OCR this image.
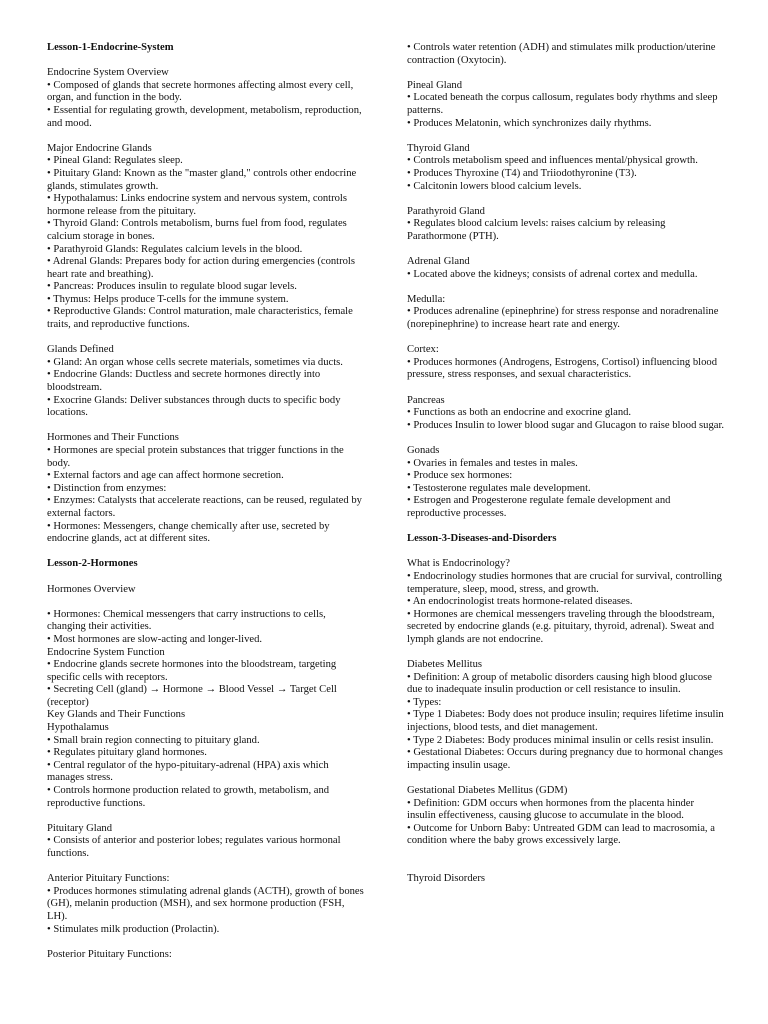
Lesson-1-Endocrine-System

Endocrine System Overview

• Composed of glands that secrete hormones affecting almost every cell, organ, and function in the body.

• Essential for regulating growth, development, metabolism, reproduction, and mood.

Major Endocrine Glands

• Pineal Gland: Regulates sleep.

• Pituitary Gland: Known as the "master gland," controls other endocrine glands, stimulates growth.

• Hypothalamus: Links endocrine system and nervous system, controls hormone release from the pituitary.

• Thyroid Gland: Controls metabolism, burns fuel from food, regulates calcium storage in bones.

• Parathyroid Glands: Regulates calcium levels in the blood.

• Adrenal Glands: Prepares body for action during emergencies (controls heart rate and breathing).

• Pancreas: Produces insulin to regulate blood sugar levels.

• Thymus: Helps produce T-cells for the immune system.

• Reproductive Glands: Control maturation, male characteristics, female traits, and reproductive functions.

Glands Defined

• Gland: An organ whose cells secrete materials, sometimes via ducts.

• Endocrine Glands: Ductless and secrete hormones directly into bloodstream.

• Exocrine Glands: Deliver substances through ducts to specific body locations.

Hormones and Their Functions

• Hormones are special protein substances that trigger functions in the body.

• External factors and age can affect hormone secretion.

• Distinction from enzymes:

• Enzymes: Catalysts that accelerate reactions, can be reused, regulated by external factors.

• Hormones: Messengers, change chemically after use, secreted by endocrine glands, act at different sites.

Lesson-2-Hormones

Hormones Overview

• Hormones: Chemical messengers that carry instructions to cells, changing their activities.

• Most hormones are slow-acting and longer-lived.

Endocrine System Function

• Endocrine glands secrete hormones into the bloodstream, targeting specific cells with receptors.

• Secreting Cell (gland) → Hormone → Blood Vessel → Target Cell (receptor)

Key Glands and Their Functions

Hypothalamus

• Small brain region connecting to pituitary gland.

• Regulates pituitary gland hormones.

• Central regulator of the hypo-pituitary-adrenal (HPA) axis which manages stress.

• Controls hormone production related to growth, metabolism, and reproductive functions.

Pituitary Gland

• Consists of anterior and posterior lobes; regulates various hormonal functions.

Anterior Pituitary Functions:

• Produces hormones stimulating adrenal glands (ACTH), growth of bones (GH), melanin production (MSH), and sex hormone production (FSH, LH).

• Stimulates milk production (Prolactin).

Posterior Pituitary Functions:

• Controls water retention (ADH) and stimulates milk production/uterine contraction (Oxytocin).

Pineal Gland

• Located beneath the corpus callosum, regulates body rhythms and sleep patterns.

• Produces Melatonin, which synchronizes daily rhythms.

Thyroid Gland

• Controls metabolism speed and influences mental/physical growth.

• Produces Thyroxine (T4) and Triiodothyronine (T3).

• Calcitonin lowers blood calcium levels.

Parathyroid Gland

• Regulates blood calcium levels: raises calcium by releasing Parathormone (PTH).

Adrenal Gland

• Located above the kidneys; consists of adrenal cortex and medulla.

Medulla:

• Produces adrenaline (epinephrine) for stress response and noradrenaline (norepinephrine) to increase heart rate and energy.

Cortex:

• Produces hormones (Androgens, Estrogens, Cortisol) influencing blood pressure, stress responses, and sexual characteristics.

Pancreas

• Functions as both an endocrine and exocrine gland.

• Produces Insulin to lower blood sugar and Glucagon to raise blood sugar.

Gonads

• Ovaries in females and testes in males.

• Produce sex hormones:

• Testosterone regulates male development.

• Estrogen and Progesterone regulate female development and reproductive processes.

Lesson-3-Diseases-and-Disorders

What is Endocrinology?

• Endocrinology studies hormones that are crucial for survival, controlling temperature, sleep, mood, stress, and growth.

• An endocrinologist treats hormone-related diseases.

• Hormones are chemical messengers traveling through the bloodstream, secreted by endocrine glands (e.g. pituitary, thyroid, adrenal). Sweat and lymph glands are not endocrine.

Diabetes Mellitus

• Definition: A group of metabolic disorders causing high blood glucose due to inadequate insulin production or cell resistance to insulin.

• Types:

• Type 1 Diabetes: Body does not produce insulin; requires lifetime insulin injections, blood tests, and diet management.

• Type 2 Diabetes: Body produces minimal insulin or cells resist insulin.

• Gestational Diabetes: Occurs during pregnancy due to hormonal changes impacting insulin usage.

Gestational Diabetes Mellitus (GDM)

• Definition: GDM occurs when hormones from the placenta hinder insulin effectiveness, causing glucose to accumulate in the blood.

• Outcome for Unborn Baby: Untreated GDM can lead to macrosomia, a condition where the baby grows excessively large.

Thyroid Disorders
